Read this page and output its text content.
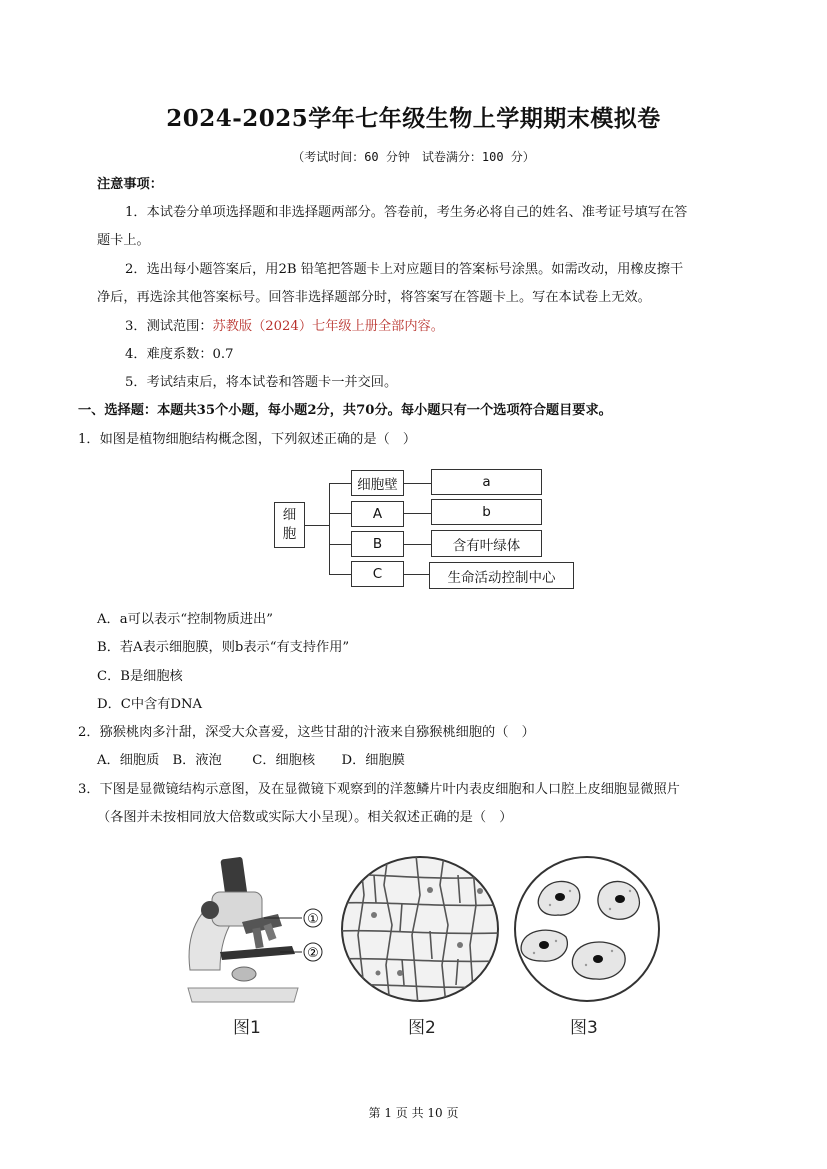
2024-2025学年七年级生物上学期期末模拟卷
（考试时间：60 分钟　试卷满分：100 分）
注意事项：
1．本试卷分单项选择题和非选择题两部分。答卷前，考生务必将自己的姓名、准考证号填写在答
题卡上。
2．选出每小题答案后，用2B 铅笔把答题卡上对应题目的答案标号涂黑。如需改动，用橡皮擦干
净后，再选涂其他答案标号。回答非选择题部分时，将答案写在答题卡上。写在本试卷上无效。
3．测试范围：苏教版（2024）七年级上册全部内容。
4．难度系数：0.7
5．考试结束后，将本试卷和答题卡一并交回。
一、选择题：本题共35个小题，每小题2分，共70分。每小题只有一个选项符合题目要求。
1．如图是植物细胞结构概念图，下列叙述正确的是（　）
细
胞
细胞壁
A
B
C
a
b
含有叶绿体
生命活动控制中心
A．a可以表示“控制物质进出”
B．若A表示细胞膜，则b表示“有支持作用”
C．B是细胞核
D．C中含有DNA
2．猕猴桃肉多汁甜，深受大众喜爱，这些甘甜的汁液来自猕猴桃细胞的（　）
A．细胞质　B．液泡　　 C．细胞核　　D．细胞膜
3．下图是显微镜结构示意图，及在显微镜下观察到的洋葱鳞片叶内表皮细胞和人口腔上皮细胞显微照片
（各图并未按相同放大倍数或实际大小呈现）。相关叙述正确的是（　）
①
②
图1	图2	图3
第 1 页 共 10 页
